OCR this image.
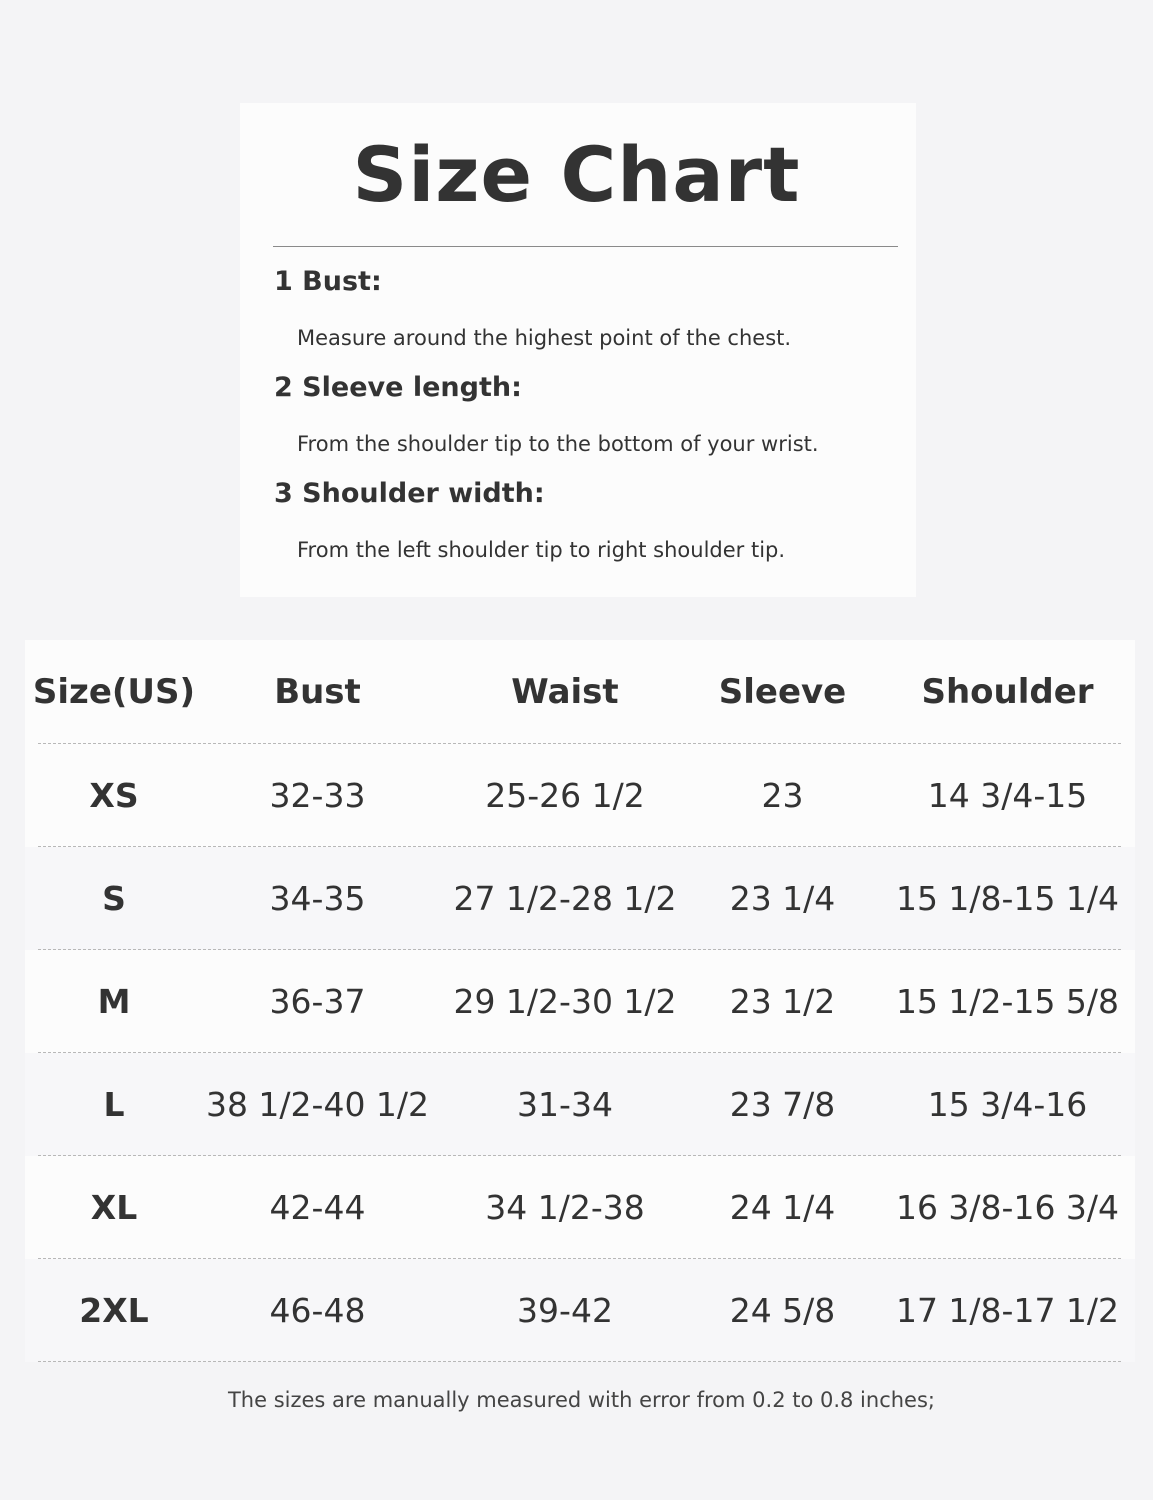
Size Chart
1 Bust:
Measure around the highest point of the chest.
2 Sleeve length:
From the shoulder tip to the bottom of your wrist.
3 Shoulder width:
From the left shoulder tip to right shoulder tip.
Size(US)	Bust	Waist	Sleeve	Shoulder
XS	32-33	25-26 1/2	23	14 3/4-15
S	34-35	27 1/2-28 1/2	23 1/4	15 1/8-15 1/4
M	36-37	29 1/2-30 1/2	23 1/2	15 1/2-15 5/8
L	38 1/2-40 1/2	31-34	23 7/8	15 3/4-16
XL	42-44	34 1/2-38	24 1/4	16 3/8-16 3/4
2XL	46-48	39-42	24 5/8	17 1/8-17 1/2
The sizes are manually measured with error from 0.2 to 0.8 inches;
